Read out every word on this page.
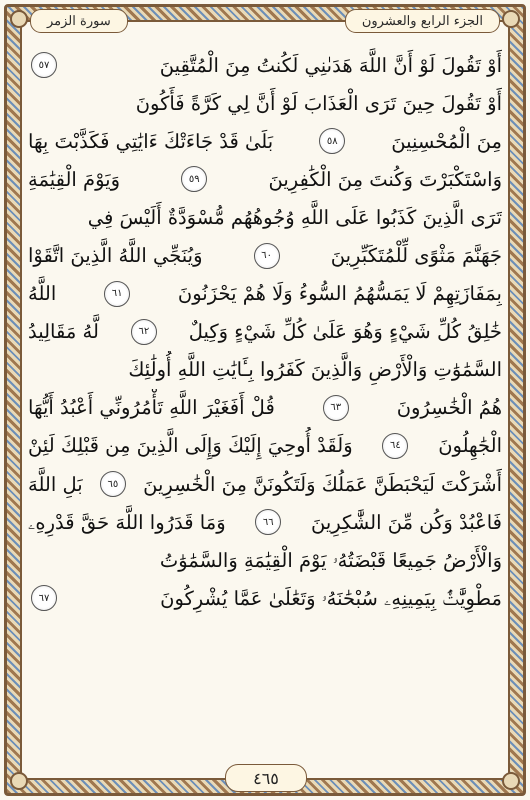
سورة الزمر	الجزء الرابع والعشرون
أَوْ تَقُولَ لَوْ أَنَّ اللَّهَ هَدَىٰنِي لَكُنتُ مِنَ الْمُتَّقِينَ
٥٧
أَوْ تَقُولَ حِينَ تَرَى الْعَذَابَ لَوْ أَنَّ لِي كَرَّةً فَأَكُونَ
مِنَ الْمُحْسِنِينَ
٥٨
بَلَىٰ قَدْ جَاءَتْكَ ءَايَٰتِي فَكَذَّبْتَ بِهَا
وَاسْتَكْبَرْتَ وَكُنتَ مِنَ الْكَٰفِرِينَ
٥٩
وَيَوْمَ الْقِيَٰمَةِ
تَرَى الَّذِينَ كَذَبُوا عَلَى اللَّهِ وُجُوهُهُم مُّسْوَدَّةٌ أَلَيْسَ فِي
جَهَنَّمَ مَثْوًى لِّلْمُتَكَبِّرِينَ
٦٠
وَيُنَجِّي اللَّهُ الَّذِينَ اتَّقَوْا
بِمَفَازَتِهِمْ لَا يَمَسُّهُمُ السُّوءُ وَلَا هُمْ يَحْزَنُونَ
٦١
اللَّهُ
خَٰلِقُ كُلِّ شَيْءٍ وَهُوَ عَلَىٰ كُلِّ شَيْءٍ وَكِيلٌ
٦٢
لَّهُ مَقَالِيدُ
السَّمَٰوَٰتِ وَالْأَرْضِ وَالَّذِينَ كَفَرُوا بِـَٔايَٰتِ اللَّهِ أُولَٰئِكَ
هُمُ الْخَٰسِرُونَ
٦٣
قُلْ أَفَغَيْرَ اللَّهِ تَأْمُرُونِّي أَعْبُدُ أَيُّهَا
الْجَٰهِلُونَ
٦٤
وَلَقَدْ أُوحِيَ إِلَيْكَ وَإِلَى الَّذِينَ مِن قَبْلِكَ لَئِنْ
أَشْرَكْتَ لَيَحْبَطَنَّ عَمَلُكَ وَلَتَكُونَنَّ مِنَ الْخَٰسِرِينَ
٦٥
بَلِ اللَّهَ
فَاعْبُدْ وَكُن مِّنَ الشَّٰكِرِينَ
٦٦
وَمَا قَدَرُوا اللَّهَ حَقَّ قَدْرِهِۦ
وَالْأَرْضُ جَمِيعًا قَبْضَتُهُۥ يَوْمَ الْقِيَٰمَةِ وَالسَّمَٰوَٰتُ
مَطْوِيَّٰتٌۢ بِيَمِينِهِۦ سُبْحَٰنَهُۥ وَتَعَٰلَىٰ عَمَّا يُشْرِكُونَ
٦٧
٤٦٥
